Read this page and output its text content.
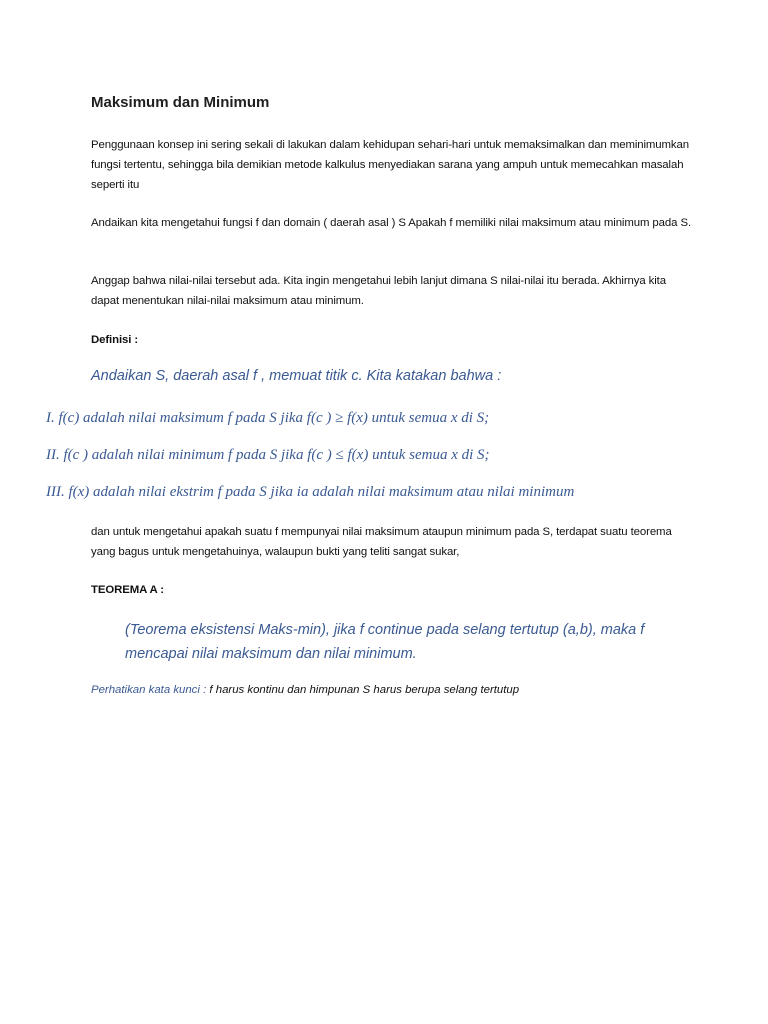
Maksimum dan Minimum
Penggunaan konsep ini sering sekali di lakukan dalam kehidupan sehari-hari untuk memaksimalkan dan meminimumkan fungsi tertentu, sehingga bila demikian metode kalkulus menyediakan sarana yang ampuh untuk memecahkan masalah seperti itu
Andaikan kita mengetahui fungsi f dan domain ( daerah asal ) S Apakah f memiliki nilai maksimum atau minimum pada S.
Anggap bahwa nilai-nilai tersebut ada. Kita ingin mengetahui lebih lanjut dimana S nilai-nilai itu berada. Akhirnya kita dapat menentukan nilai-nilai maksimum atau minimum.
Definisi :
Andaikan S, daerah asal f , memuat titik c. Kita katakan bahwa :
I. f(c) adalah nilai maksimum f pada S jika f(c ) ≥ f(x) untuk semua x di S;
II. f(c ) adalah nilai minimum f pada S jika f(c ) ≤ f(x) untuk semua x di S;
III. f(x) adalah nilai ekstrim f pada S jika ia adalah nilai maksimum atau nilai minimum
dan untuk mengetahui apakah suatu f mempunyai nilai maksimum ataupun minimum pada S, terdapat suatu teorema yang bagus untuk mengetahuinya, walaupun bukti yang teliti sangat sukar,
TEOREMA A :
(Teorema eksistensi Maks-min), jika f continue pada selang tertutup (a,b), maka f mencapai nilai maksimum dan nilai minimum.
Perhatikan kata kunci : f harus kontinu dan himpunan S harus berupa selang tertutup
